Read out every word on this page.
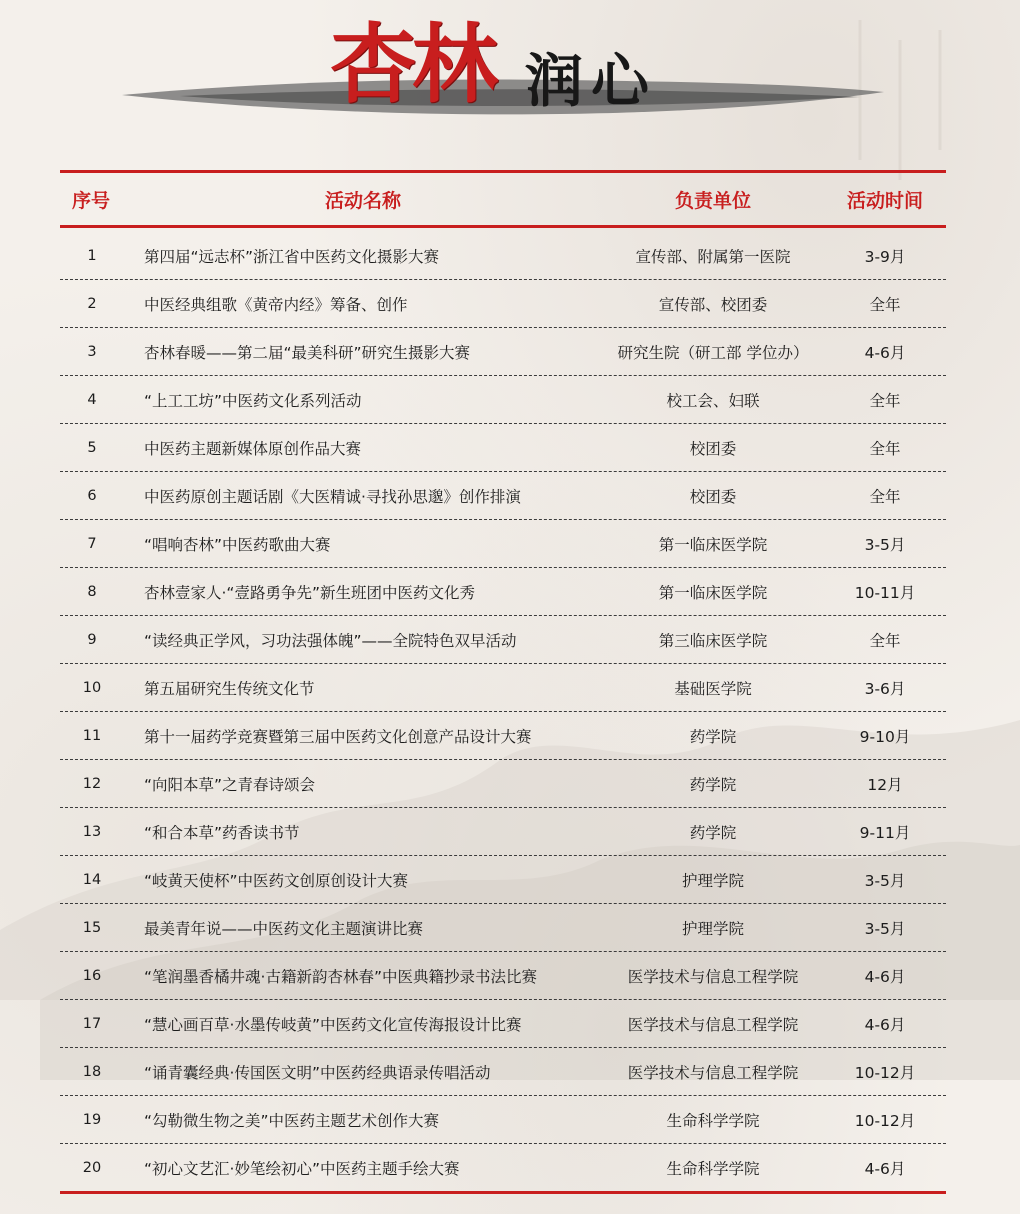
杏林 润心
序号	活动名称	负责单位	活动时间
1	第四届“远志杯”浙江省中医药文化摄影大赛	宣传部、附属第一医院	3-9月
2	中医经典组歌《黄帝内经》筹备、创作	宣传部、校团委	全年
3	杏林春暖——第二届“最美科研”研究生摄影大赛	研究生院（研工部 学位办）	4-6月
4	“上工工坊”中医药文化系列活动	校工会、妇联	全年
5	中医药主题新媒体原创作品大赛	校团委	全年
6	中医药原创主题话剧《大医精诚·寻找孙思邈》创作排演	校团委	全年
7	“唱响杏林”中医药歌曲大赛	第一临床医学院	3-5月
8	杏林壹家人·“壹路勇争先”新生班团中医药文化秀	第一临床医学院	10-11月
9	“读经典正学风，习功法强体魄”——全院特色双早活动	第三临床医学院	全年
10	第五届研究生传统文化节	基础医学院	3-6月
11	第十一届药学竞赛暨第三届中医药文化创意产品设计大赛	药学院	9-10月
12	“向阳本草”之青春诗颂会	药学院	12月
13	“和合本草”药香读书节	药学院	9-11月
14	“岐黄天使杯”中医药文创原创设计大赛	护理学院	3-5月
15	最美青年说——中医药文化主题演讲比赛	护理学院	3-5月
16	“笔润墨香橘井魂·古籍新韵杏林春”中医典籍抄录书法比赛	医学技术与信息工程学院	4-6月
17	“慧心画百草·水墨传岐黄”中医药文化宣传海报设计比赛	医学技术与信息工程学院	4-6月
18	“诵青囊经典·传国医文明”中医药经典语录传唱活动	医学技术与信息工程学院	10-12月
19	“勾勒微生物之美”中医药主题艺术创作大赛	生命科学学院	10-12月
20	“初心文艺汇·妙笔绘初心”中医药主题手绘大赛	生命科学学院	4-6月
